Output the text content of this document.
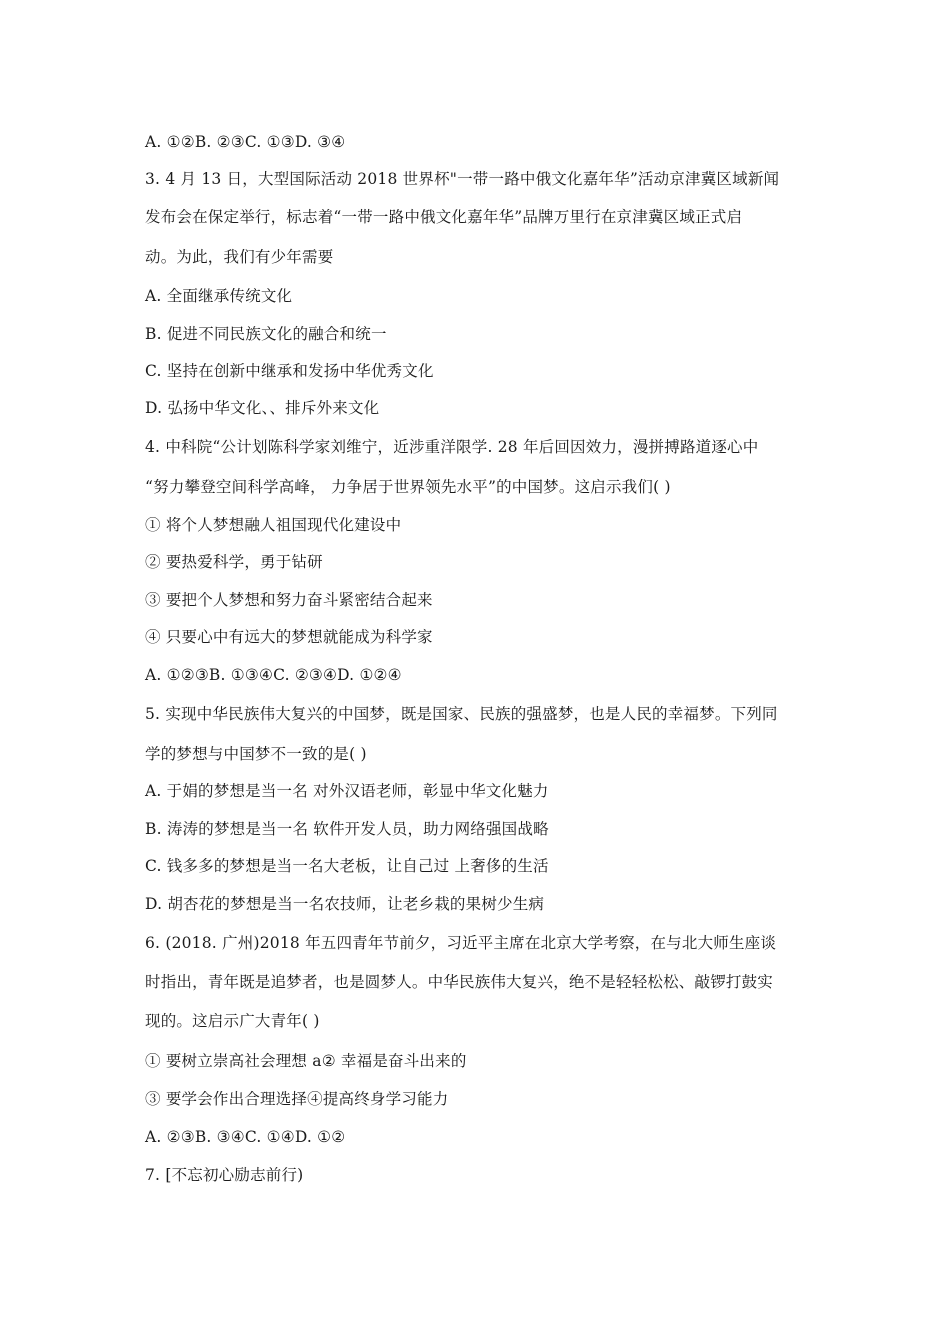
A. ①②B. ②③C. ①③D. ③④
3. 4 月 13 日，大型国际活动 2018 世界杯"一带一路中俄文化嘉年华”活动京津冀区域新闻
发布会在保定举行，标志着“一带一路中俄文化嘉年华”品牌万里行在京津冀区域正式启
动。为此，我们有少年需要
A. 全面继承传统文化
B. 促进不同民族文化的融合和统一
C. 坚持在创新中继承和发扬中华优秀文化
D. 弘扬中华文化、、排斥外来文化
4. 中科院“公计划陈科学家刘维宁，近涉重洋限学. 28 年后回因效力，漫拼搏路道逐心中
“努力攀登空间科学高峰， 力争居于世界领先水平”的中国梦。这启示我们( )
① 将个人梦想融人祖国现代化建设中
② 要热爱科学，勇于钻研
③ 要把个人梦想和努力奋斗紧密结合起来
④ 只要心中有远大的梦想就能成为科学家
A. ①②③B. ①③④C. ②③④D. ①②④
5. 实现中华民族伟大复兴的中国梦，既是国家、民族的强盛梦，也是人民的幸福梦。下列同
学的梦想与中国梦不一致的是( )
A. 于娟的梦想是当一名 对外汉语老师，彰显中华文化魅力
B. 涛涛的梦想是当一名 软件开发人员，助力网络强国战略
C. 钱多多的梦想是当一名大老板，让自己过 上奢侈的生活
D. 胡杏花的梦想是当一名农技师，让老乡栽的果树少生病
6. (2018. 广州)2018 年五四青年节前夕，习近平主席在北京大学考察，在与北大师生座谈
时指出，青年既是追梦者，也是圆梦人。中华民族伟大复兴，绝不是轻轻松松、敲锣打鼓实
现的。这启示广大青年( )
① 要树立崇高社会理想 a② 幸福是奋斗出来的
③ 要学会作出合理选择④提高终身学习能力
A. ②③B. ③④C. ①④D. ①②
7. [不忘初心励志前行)
